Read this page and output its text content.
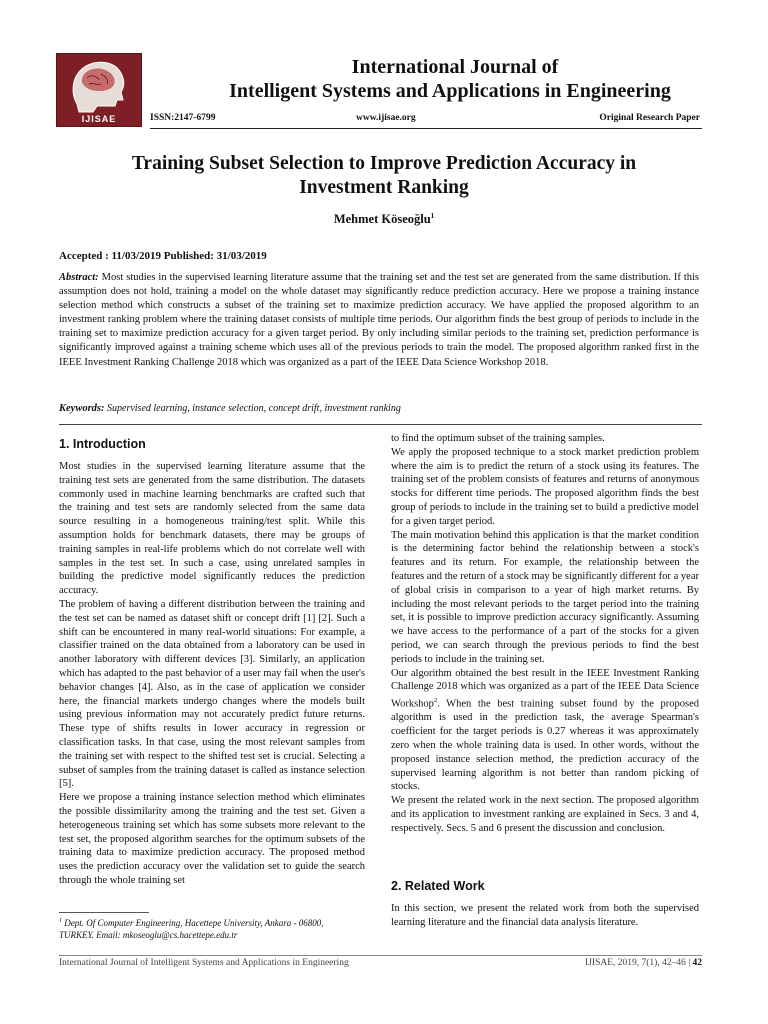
IJISAE
International Journal of
Intelligent Systems and Applications in Engineering
ISSN:2147-6799	www.ijisae.org	Original Research Paper
Training Subset Selection to Improve Prediction Accuracy in
Investment Ranking
Mehmet Köseoğlu$^1$
Accepted : 11/03/2019 Published: 31/03/2019
Abstract: Most studies in the supervised learning literature assume that the training set and the test set are generated from the same distribution. If this assumption does not hold, training a model on the whole dataset may significantly reduce prediction accuracy. Here we propose a training instance selection method which constructs a subset of the training set to maximize prediction accuracy. We have applied the proposed algorithm to an investment ranking problem where the training dataset consists of multiple time periods. Our algorithm finds the best group of periods to include in the training set to maximize prediction accuracy for a given target period. By only including similar periods to the training set, prediction performance is significantly improved against a training scheme which uses all of the previous periods to train the model. The proposed algorithm ranked first in the IEEE Investment Ranking Challenge 2018 which was organized as a part of the IEEE Data Science Workshop 2018.
Keywords: Supervised learning, instance selection, concept drift, investment ranking
1. Introduction

Most studies in the supervised learning literature assume that the training test sets are generated from the same distribution. The datasets commonly used in machine learning benchmarks are crafted such that the training and test sets are randomly selected from the same data source resulting in a homogeneous training/test split. While this assumption holds for benchmark datasets, there may be groups of training samples in real-life problems which do not correlate well with samples in the test set. In such a case, using unrelated samples in building the predictive model significantly reduces the prediction accuracy.

The problem of having a different distribution between the training and the test set can be named as dataset shift or concept drift [1] [2]. Such a shift can be encountered in many real-world situations: For example, a classifier trained on the data obtained from a laboratory can be used in another laboratory with different devices [3]. Similarly, an application which has adapted to the past behavior of a user may fail when the user's behavior changes [4]. Also, as in the case of application we consider here, the financial markets undergo changes where the models built using previous information may not accurately predict future returns. These type of shifts results in lower accuracy in regression or classification tasks. In that case, using the most relevant samples from the training set with respect to the shifted test set is crucial. Selecting a subset of samples from the training dataset is called as instance selection [5].

Here we propose a training instance selection method which eliminates the possible dissimilarity among the training and the test set. Given a heterogeneous training set which has some subsets more relevant to the test set, the proposed algorithm searches for the optimum subsets of the training data to maximize prediction accuracy. The proposed method uses the prediction accuracy over the validation set to guide the search through the whole training set

to find the optimum subset of the training samples.

We apply the proposed technique to a stock market prediction problem where the aim is to predict the return of a stock using its features. The training set of the problem consists of features and returns of anonymous stocks for different time periods. The proposed algorithm finds the best group of periods to include in the training set to build a predictive model for a given target period.

The main motivation behind this application is that the market condition is the determining factor behind the relationship between a stock's features and its return. For example, the relationship between the features and the return of a stock may be significantly different for a year of global crisis in comparison to a year of high market returns. By including the most relevant periods to the target period into the training set, it is possible to improve prediction accuracy significantly. Assuming we have access to the performance of a part of the stocks for a given period, we can search through the previous periods to find the best periods to include in the training set.

Our algorithm obtained the best result in the IEEE Investment Ranking Challenge 2018 which was organized as a part of the IEEE Data Science Workshop$^2$. When the best training subset found by the proposed algorithm is used in the prediction task, the average Spearman's coefficient for the target periods is 0.27 whereas it was approximately zero when the whole training data is used. In other words, without the proposed instance selection method, the prediction accuracy of the supervised learning algorithm is not better than random picking of stocks.

We present the related work in the next section. The proposed algorithm and its application to investment ranking are explained in Secs. 3 and 4, respectively. Secs. 5 and 6 present the discussion and conclusion.

2. Related Work

In this section, we present the related work from both the supervised learning literature and the financial data analysis literature.

$^1$ Dept. Of Computer Engineering, Hacettepe University, Ankara - 06800,
TURKEY. Email: mkoseoglu@cs.hacettepe.edu.tr
International Journal of Intelligent Systems and Applications in Engineering	IJISAE, 2019, 7(1), 42–46 | 42
